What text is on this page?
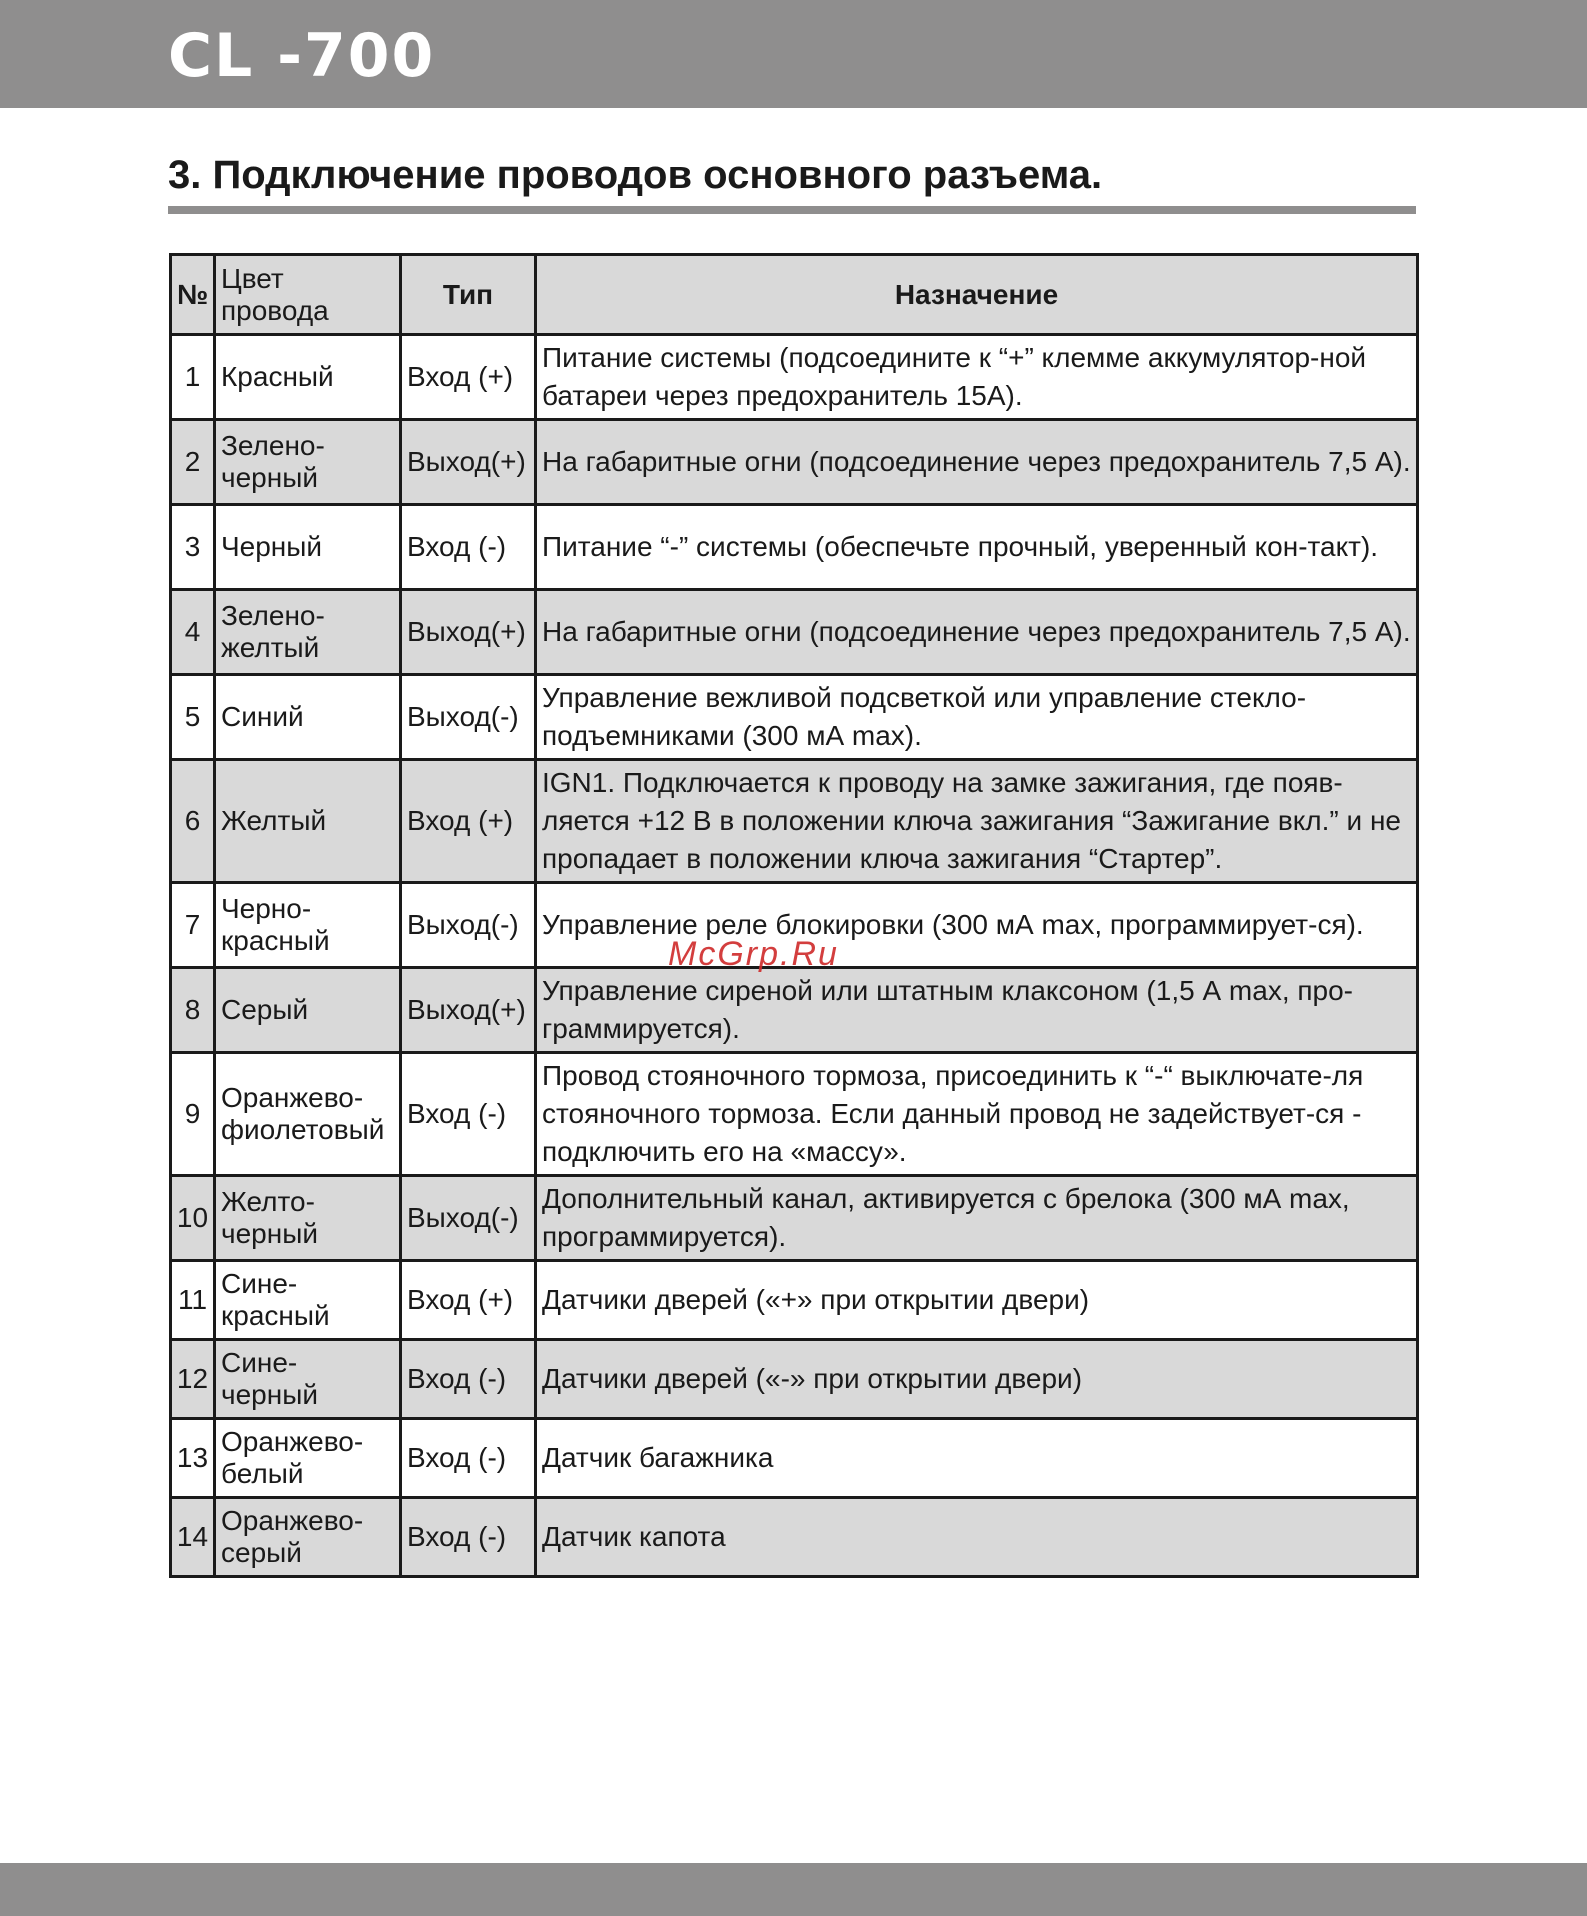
CL -700
3. Подключение проводов основного разъема.
№	Цвет провода	Тип	Назначение
1	Красный	Вход (+)	Питание системы (подсоедините к “+” клемме аккумулятор-ной батареи через предохранитель 15А).
2	Зелено-черный	Выход(+)	На габаритные огни (подсоединение через предохранитель 7,5 А).
3	Черный	Вход (-)	Питание “-” системы (обеспечьте прочный, уверенный кон-такт).
4	Зелено-желтый	Выход(+)	На габаритные огни (подсоединение через предохранитель 7,5 А).
5	Синий	Выход(-)	Управление вежливой подсветкой или управление стекло-подъемниками (300 мА max).
6	Желтый	Вход (+)	IGN1. Подключается к проводу на замке зажигания, где появ-ляется +12 В в положении ключа зажигания “Зажигание вкл.” и не пропадает в положении ключа зажигания “Стартер”.
7	Черно-красный	Выход(-)	Управление реле блокировки (300 мА max, программирует-ся).
8	Серый	Выход(+)	Управление сиреной или штатным клаксоном (1,5 А max, про-граммируется).
9	Оранжево-фиолетовый	Вход (-)	Провод стояночного тормоза, присоединить к “-“ выключате-ля стояночного тормоза. Если данный провод не задействует-ся - подключить его на «массу».
10	Желто-черный	Выход(-)	Дополнительный канал, активируется с брелока (300 мА max, программируется).
11	Сине-красный	Вход (+)	Датчики дверей («+» при открытии двери)
12	Сине-черный	Вход (-)	Датчики дверей («-» при открытии двери)
13	Оранжево-белый	Вход (-)	Датчик багажника
14	Оранжево-серый	Вход (-)	Датчик капота
McGrp.Ru
